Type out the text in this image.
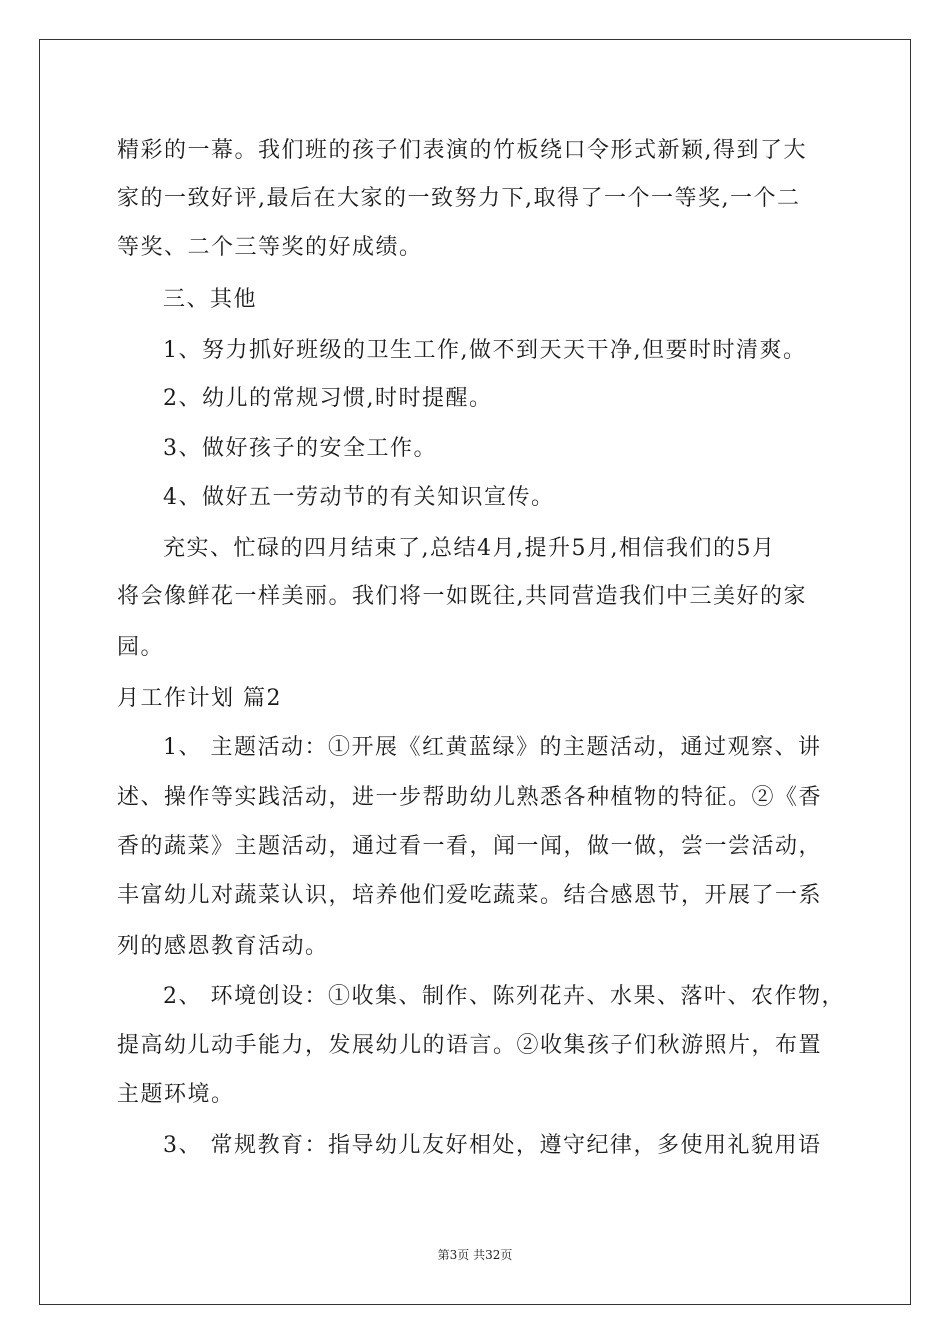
精彩的一幕。我们班的孩子们表演的竹板绕口令形式新颖,得到了大
家的一致好评,最后在大家的一致努力下,取得了一个一等奖,一个二
等奖、二个三等奖的好成绩。
三、其他
1、努力抓好班级的卫生工作,做不到天天干净,但要时时清爽。
2、幼儿的常规习惯,时时提醒。
3、做好孩子的安全工作。
4、做好五一劳动节的有关知识宣传。
充实、忙碌的四月结束了,总结4月,提升5月,相信我们的5月
将会像鲜花一样美丽。我们将一如既往,共同营造我们中三美好的家
园。
月工作计划 篇2
1、 主题活动：①开展《红黄蓝绿》的主题活动，通过观察、讲
述、操作等实践活动，进一步帮助幼儿熟悉各种植物的特征。②《香
香的蔬菜》主题活动，通过看一看，闻一闻，做一做，尝一尝活动，
丰富幼儿对蔬菜认识，培养他们爱吃蔬菜。结合感恩节，开展了一系
列的感恩教育活动。
2、 环境创设：①收集、制作、陈列花卉、水果、落叶、农作物，
提高幼儿动手能力，发展幼儿的语言。②收集孩子们秋游照片，布置
主题环境。
3、 常规教育：指导幼儿友好相处，遵守纪律，多使用礼貌用语
第3页 共32页
